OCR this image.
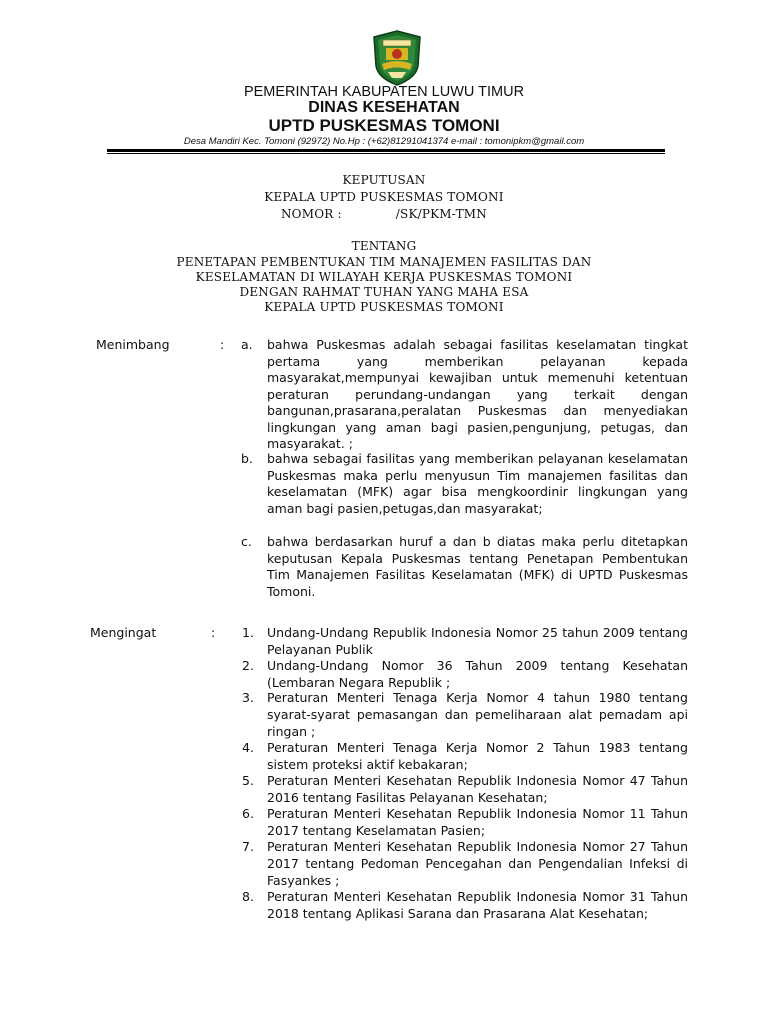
PEMERINTAH KABUPATEN LUWU TIMUR
DINAS KESEHATAN
UPTD PUSKESMAS TOMONI
Desa Mandiri Kec. Tomoni (92972) No.Hp : (+62)81291041374 e-mail : tomonipkm@gmail.com
KEPUTUSAN
KEPALA UPTD PUSKESMAS TOMONI
NOMOR :	/SK/PKM-TMN
TENTANG
PENETAPAN PEMBENTUKAN TIM MANAJEMEN FASILITAS DAN
KESELAMATAN DI WILAYAH KERJA PUSKESMAS TOMONI
DENGAN RAHMAT TUHAN YANG MAHA ESA
KEPALA UPTD PUSKESMAS TOMONI
Menimbang	: a. bahwa Puskesmas adalah sebagai fasilitas keselamatan tingkat pertama yang memberikan pelayanan kepada masyarakat,mempunyai kewajiban untuk memenuhi ketentuan peraturan perundang-undangan yang terkait dengan bangunan,prasarana,peralatan Puskesmas dan menyediakan lingkungan yang aman bagi pasien,pengunjung, petugas, dan masyarakat. ;
b. bahwa sebagai fasilitas yang memberikan pelayanan keselamatan Puskesmas maka perlu menyusun Tim manajemen fasilitas dan keselamatan (MFK) agar bisa mengkoordinir lingkungan yang aman bagi pasien,petugas,dan masyarakat;
c. bahwa berdasarkan huruf a dan b diatas maka perlu ditetapkan keputusan Kepala Puskesmas tentang Penetapan Pembentukan Tim Manajemen Fasilitas Keselamatan (MFK) di UPTD Puskesmas Tomoni.
Mengingat	: 1. Undang-Undang Republik Indonesia Nomor 25 tahun 2009 tentang Pelayanan Publik
2. Undang-Undang Nomor 36 Tahun 2009 tentang Kesehatan (Lembaran Negara Republik ;
3. Peraturan Menteri Tenaga Kerja Nomor 4 tahun 1980 tentang syarat-syarat pemasangan dan pemeliharaan alat pemadam api ringan ;
4. Peraturan Menteri Tenaga Kerja Nomor 2 Tahun 1983 tentang sistem proteksi aktif kebakaran;
5. Peraturan Menteri Kesehatan Republik Indonesia Nomor 47 Tahun 2016 tentang Fasilitas Pelayanan Kesehatan;
6. Peraturan Menteri Kesehatan Republik Indonesia Nomor 11 Tahun 2017 tentang Keselamatan Pasien;
7. Peraturan Menteri Kesehatan Republik Indonesia Nomor 27 Tahun 2017 tentang Pedoman Pencegahan dan Pengendalian Infeksi di Fasyankes ;
8. Peraturan Menteri Kesehatan Republik Indonesia Nomor 31 Tahun 2018 tentang Aplikasi Sarana dan Prasarana Alat Kesehatan;
